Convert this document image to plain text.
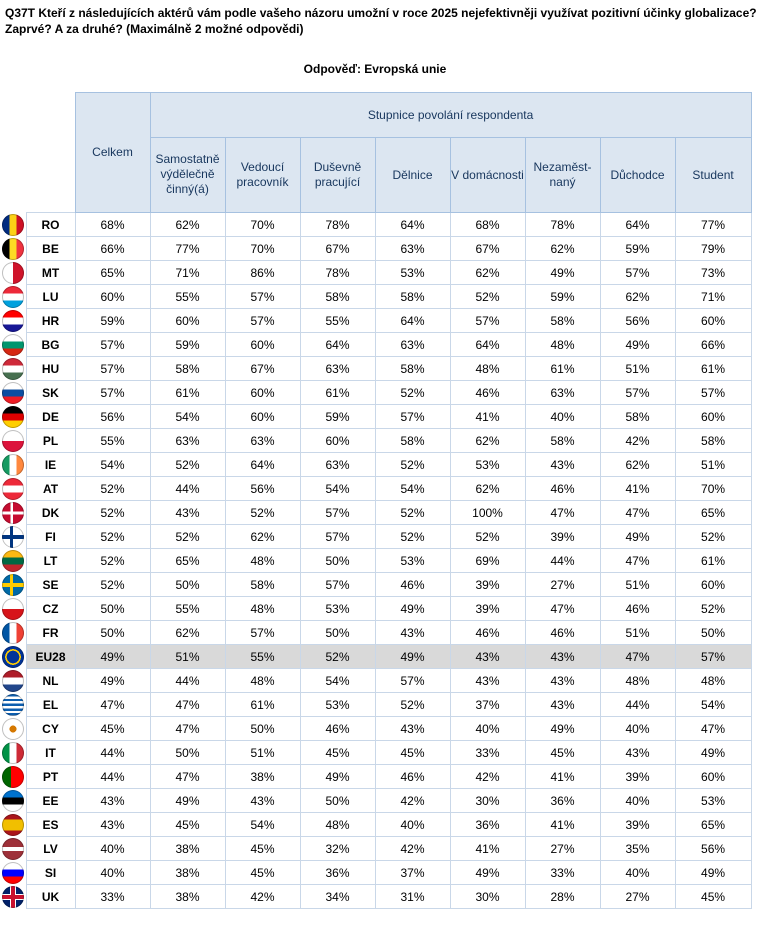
Q37T Kteří z následujících aktérů vám podle vašeho názoru umožní v roce 2025 nejefektivněji využívat pozitivní účinky globalizace? Zaprvé? A za druhé? (Maximálně 2 možné odpovědi)
Odpověď: Evropská unie
		Celkem	Stupnice povolání respondenta							
			Samostatně výdělečně činný(á)	Vedoucí pracovník	Duševně pracující	Dělnice	V domácnosti	Nezaměst-naný	Důchodce	Student

	RO	68%	62%	70%	78%	64%	68%	78%	64%	77%

	BE	66%	77%	70%	67%	63%	67%	62%	59%	79%

	MT	65%	71%	86%	78%	53%	62%	49%	57%	73%

	LU	60%	55%	57%	58%	58%	52%	59%	62%	71%

	HR	59%	60%	57%	55%	64%	57%	58%	56%	60%

	BG	57%	59%	60%	64%	63%	64%	48%	49%	66%

	HU	57%	58%	67%	63%	58%	48%	61%	51%	61%

	SK	57%	61%	60%	61%	52%	46%	63%	57%	57%

	DE	56%	54%	60%	59%	57%	41%	40%	58%	60%

	PL	55%	63%	63%	60%	58%	62%	58%	42%	58%

	IE	54%	52%	64%	63%	52%	53%	43%	62%	51%

	AT	52%	44%	56%	54%	54%	62%	46%	41%	70%

	DK	52%	43%	52%	57%	52%	100%	47%	47%	65%

	FI	52%	52%	62%	57%	52%	52%	39%	49%	52%

	LT	52%	65%	48%	50%	53%	69%	44%	47%	61%

	SE	52%	50%	58%	57%	46%	39%	27%	51%	60%

	CZ	50%	55%	48%	53%	49%	39%	47%	46%	52%

	FR	50%	62%	57%	50%	43%	46%	46%	51%	50%

	EU28	49%	51%	55%	52%	49%	43%	43%	47%	57%

	NL	49%	44%	48%	54%	57%	43%	43%	48%	48%

	EL	47%	47%	61%	53%	52%	37%	43%	44%	54%

	CY	45%	47%	50%	46%	43%	40%	49%	40%	47%

	IT	44%	50%	51%	45%	45%	33%	45%	43%	49%

	PT	44%	47%	38%	49%	46%	42%	41%	39%	60%

	EE	43%	49%	43%	50%	42%	30%	36%	40%	53%

	ES	43%	45%	54%	48%	40%	36%	41%	39%	65%

	LV	40%	38%	45%	32%	42%	41%	27%	35%	56%

	SI	40%	38%	45%	36%	37%	49%	33%	40%	49%

	UK	33%	38%	42%	34%	31%	30%	28%	27%	45%
